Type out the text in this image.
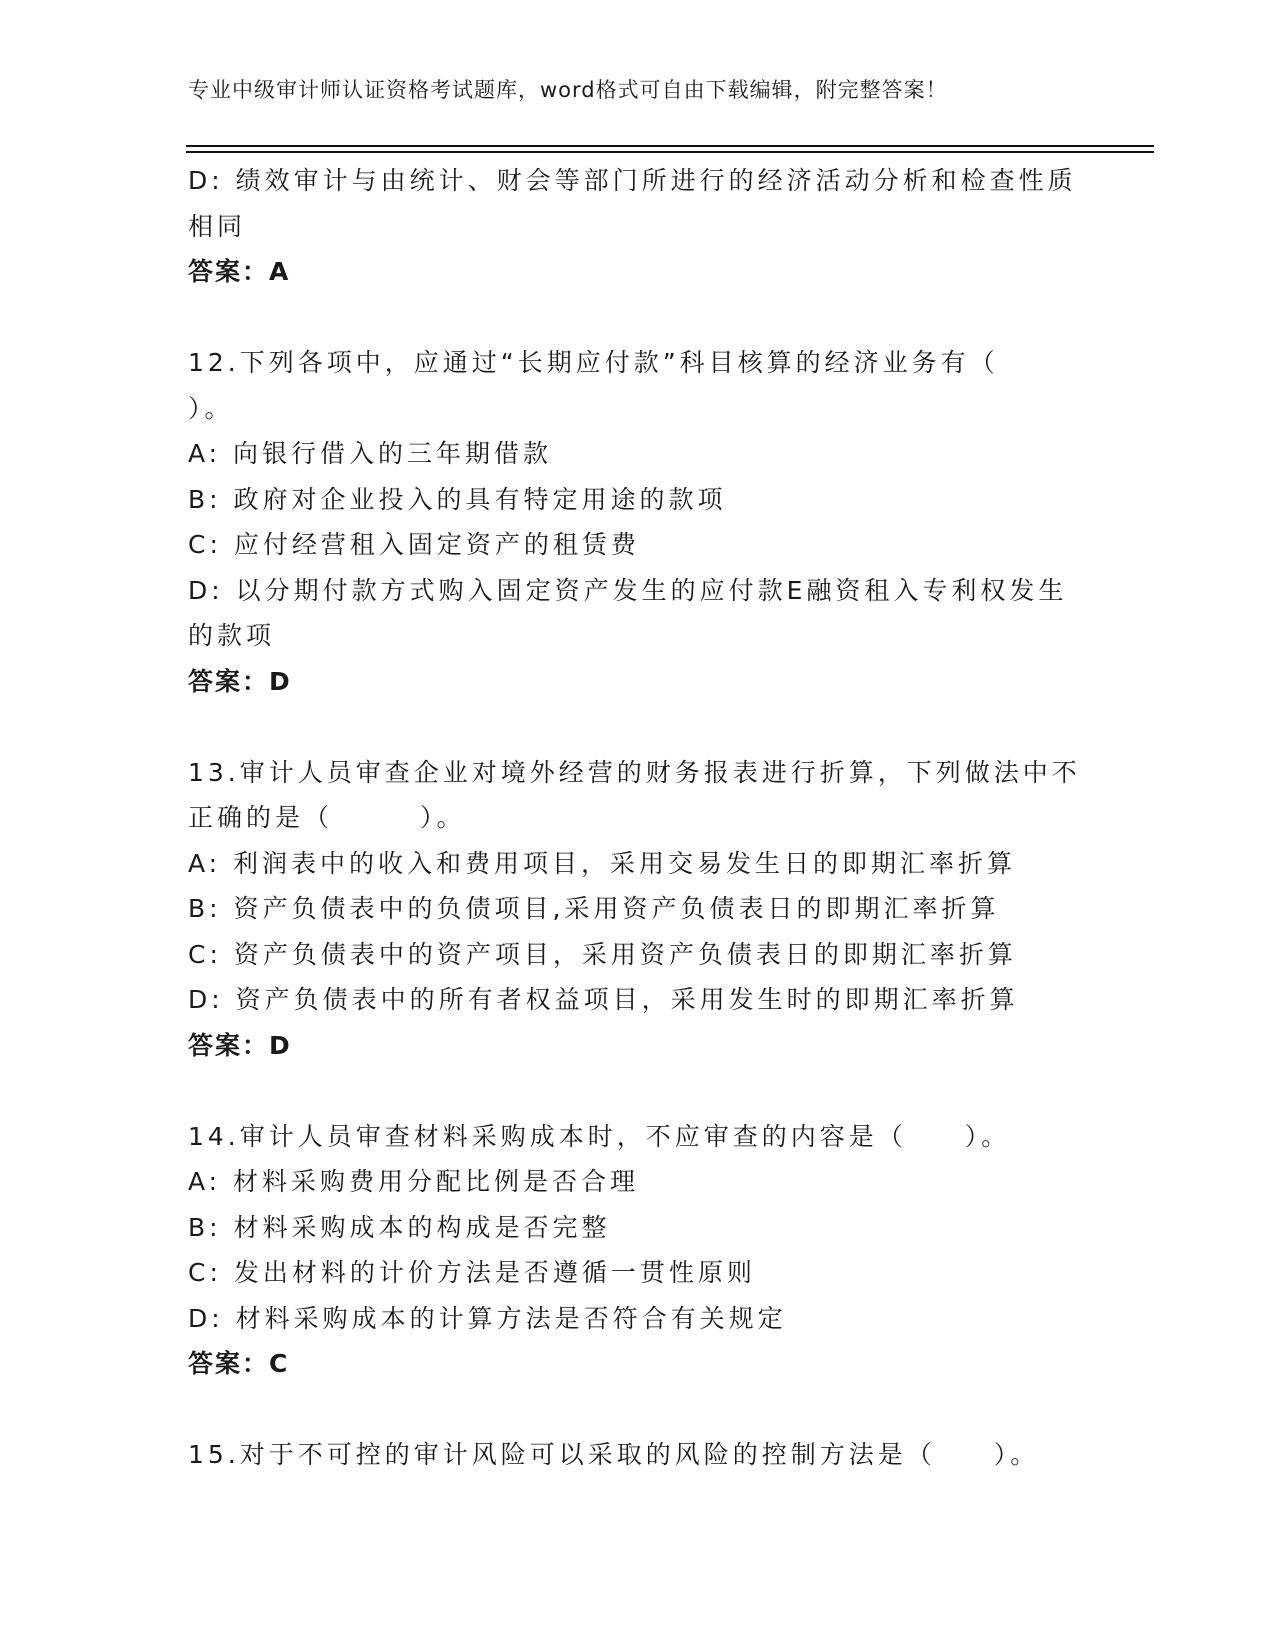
专业中级审计师认证资格考试题库，word格式可自由下载编辑，附完整答案！
D: 绩效审计与由统计、财会等部门所进行的经济活动分析和检查性质
相同
答案：A
12.下列各项中，应通过“长期应付款”科目核算的经济业务有（
）。
A: 向银行借入的三年期借款
B: 政府对企业投入的具有特定用途的款项
C: 应付经营租入固定资产的租赁费
D: 以分期付款方式购入固定资产发生的应付款E融资租入专利权发生
的款项
答案：D
13.审计人员审查企业对境外经营的财务报表进行折算，下列做法中不
正确的是（　　　）。
A: 利润表中的收入和费用项目，采用交易发生日的即期汇率折算
B: 资产负债表中的负债项目,采用资产负债表日的即期汇率折算
C: 资产负债表中的资产项目，采用资产负债表日的即期汇率折算
D: 资产负债表中的所有者权益项目，采用发生时的即期汇率折算
答案：D
14.审计人员审查材料采购成本时，不应审查的内容是（　　）。
A: 材料采购费用分配比例是否合理
B: 材料采购成本的构成是否完整
C: 发出材料的计价方法是否遵循一贯性原则
D: 材料采购成本的计算方法是否符合有关规定
答案：C
15.对于不可控的审计风险可以采取的风险的控制方法是（　　）。
